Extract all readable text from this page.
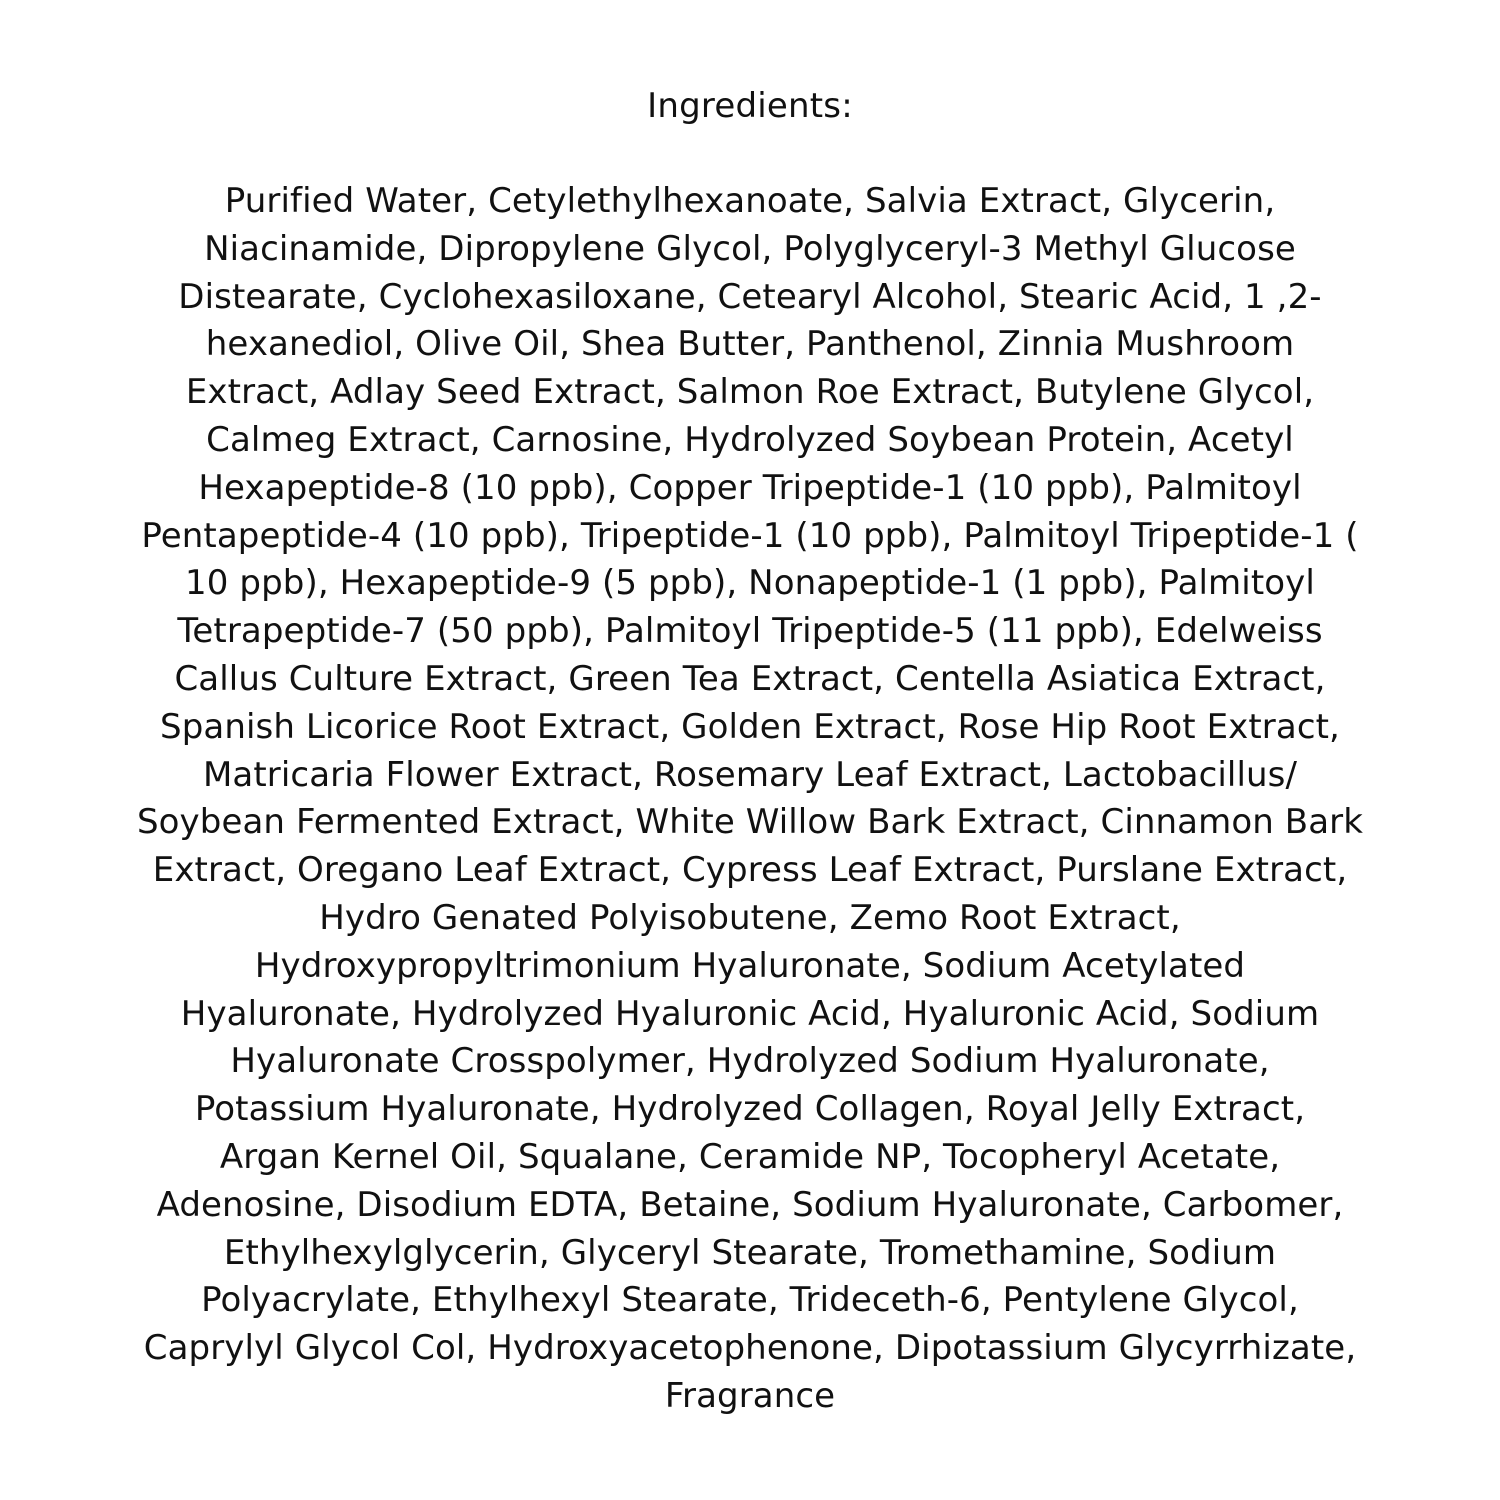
Ingredients:
Purified Water, Cetylethylhexanoate, Salvia Extract, Glycerin,
Niacinamide, Dipropylene Glycol, Polyglyceryl-3 Methyl Glucose
Distearate, Cyclohexasiloxane, Cetearyl Alcohol, Stearic Acid, 1 ,2-
hexanediol, Olive Oil, Shea Butter, Panthenol, Zinnia Mushroom
Extract, Adlay Seed Extract, Salmon Roe Extract, Butylene Glycol,
Calmeg Extract, Carnosine, Hydrolyzed Soybean Protein, Acetyl
Hexapeptide-8 (10 ppb), Copper Tripeptide-1 (10 ppb), Palmitoyl
Pentapeptide-4 (10 ppb), Tripeptide-1 (10 ppb), Palmitoyl Tripeptide-1 (
10 ppb), Hexapeptide-9 (5 ppb), Nonapeptide-1 (1 ppb), Palmitoyl
Tetrapeptide-7 (50 ppb), Palmitoyl Tripeptide-5 (11 ppb), Edelweiss
Callus Culture Extract, Green Tea Extract, Centella Asiatica Extract,
Spanish Licorice Root Extract, Golden Extract, Rose Hip Root Extract,
Matricaria Flower Extract, Rosemary Leaf Extract, Lactobacillus/
Soybean Fermented Extract, White Willow Bark Extract, Cinnamon Bark
Extract, Oregano Leaf Extract, Cypress Leaf Extract, Purslane Extract,
Hydro Genated Polyisobutene, Zemo Root Extract,
Hydroxypropyltrimonium Hyaluronate, Sodium Acetylated
Hyaluronate, Hydrolyzed Hyaluronic Acid, Hyaluronic Acid, Sodium
Hyaluronate Crosspolymer, Hydrolyzed Sodium Hyaluronate,
Potassium Hyaluronate, Hydrolyzed Collagen, Royal Jelly Extract,
Argan Kernel Oil, Squalane, Ceramide NP, Tocopheryl Acetate,
Adenosine, Disodium EDTA, Betaine, Sodium Hyaluronate, Carbomer,
Ethylhexylglycerin, Glyceryl Stearate, Tromethamine, Sodium
Polyacrylate, Ethylhexyl Stearate, Trideceth-6, Pentylene Glycol,
Caprylyl Glycol Col, Hydroxyacetophenone, Dipotassium Glycyrrhizate,
Fragrance
